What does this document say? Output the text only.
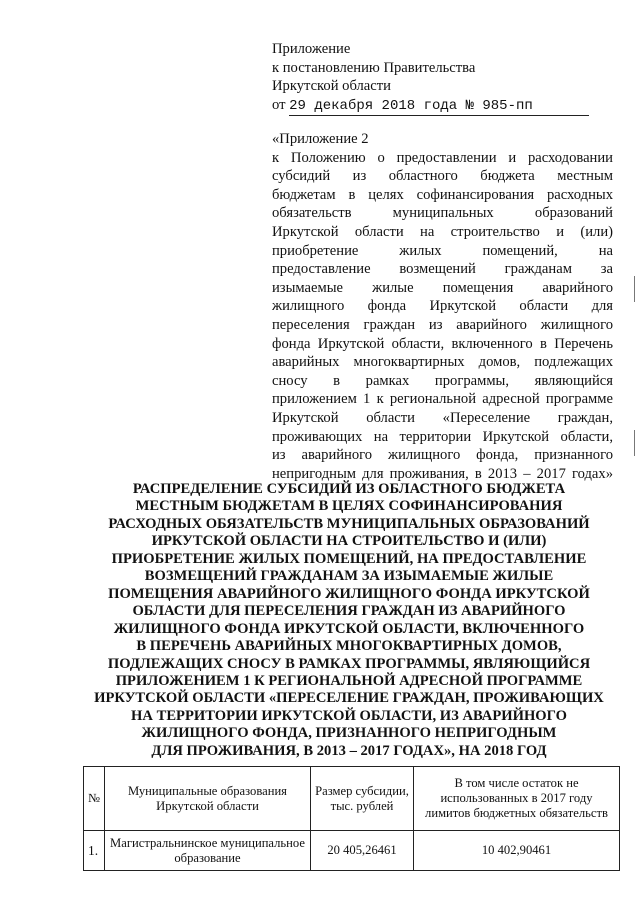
Приложение
к постановлению Правительства
Иркутской области
от 29 декабря 2018 года № 985-пп
«Приложение 2
к Положению о предоставлении и расходовании
субсидий из областного бюджета местным
бюджетам в целях софинансирования расходных
обязательств муниципальных образований
Иркутской области на строительство и (или)
приобретение жилых помещений, на
предоставление возмещений гражданам за
изымаемые жилые помещения аварийного
жилищного фонда Иркутской области для
переселения граждан из аварийного жилищного
фонда Иркутской области, включенного в Перечень
аварийных многоквартирных домов, подлежащих
сносу в рамках программы, являющийся
приложением 1 к региональной адресной программе
Иркутской области «Переселение граждан,
проживающих на территории Иркутской области,
из аварийного жилищного фонда, признанного
непригодным для проживания, в 2013 – 2017 годах»
РАСПРЕДЕЛЕНИЕ СУБСИДИЙ ИЗ ОБЛАСТНОГО БЮДЖЕТА
МЕСТНЫМ БЮДЖЕТАМ В ЦЕЛЯХ СОФИНАНСИРОВАНИЯ
РАСХОДНЫХ ОБЯЗАТЕЛЬСТВ МУНИЦИПАЛЬНЫХ ОБРАЗОВАНИЙ
ИРКУТСКОЙ ОБЛАСТИ НА СТРОИТЕЛЬСТВО И (ИЛИ)
ПРИОБРЕТЕНИЕ ЖИЛЫХ ПОМЕЩЕНИЙ, НА ПРЕДОСТАВЛЕНИЕ
ВОЗМЕЩЕНИЙ ГРАЖДАНАМ ЗА ИЗЫМАЕМЫЕ ЖИЛЫЕ
ПОМЕЩЕНИЯ АВАРИЙНОГО ЖИЛИЩНОГО ФОНДА ИРКУТСКОЙ
ОБЛАСТИ ДЛЯ ПЕРЕСЕЛЕНИЯ ГРАЖДАН ИЗ АВАРИЙНОГО
ЖИЛИЩНОГО ФОНДА ИРКУТСКОЙ ОБЛАСТИ, ВКЛЮЧЕННОГО
В ПЕРЕЧЕНЬ АВАРИЙНЫХ МНОГОКВАРТИРНЫХ ДОМОВ,
ПОДЛЕЖАЩИХ СНОСУ В РАМКАХ ПРОГРАММЫ, ЯВЛЯЮЩИЙСЯ
ПРИЛОЖЕНИЕМ 1 К РЕГИОНАЛЬНОЙ АДРЕСНОЙ ПРОГРАММЕ
ИРКУТСКОЙ ОБЛАСТИ «ПЕРЕСЕЛЕНИЕ ГРАЖДАН, ПРОЖИВАЮЩИХ
НА ТЕРРИТОРИИ ИРКУТСКОЙ ОБЛАСТИ, ИЗ АВАРИЙНОГО
ЖИЛИЩНОГО ФОНДА, ПРИЗНАННОГО НЕПРИГОДНЫМ
ДЛЯ ПРОЖИВАНИЯ, В 2013 – 2017 ГОДАХ», НА 2018 ГОД
№	Муниципальные образования Иркутской области	Размер субсидии, тыс. рублей	В том числе остаток не использованных в 2017 году лимитов бюджетных обязательств
1.	Магистральнинское муниципальное образование	20 405,26461	10 402,90461
